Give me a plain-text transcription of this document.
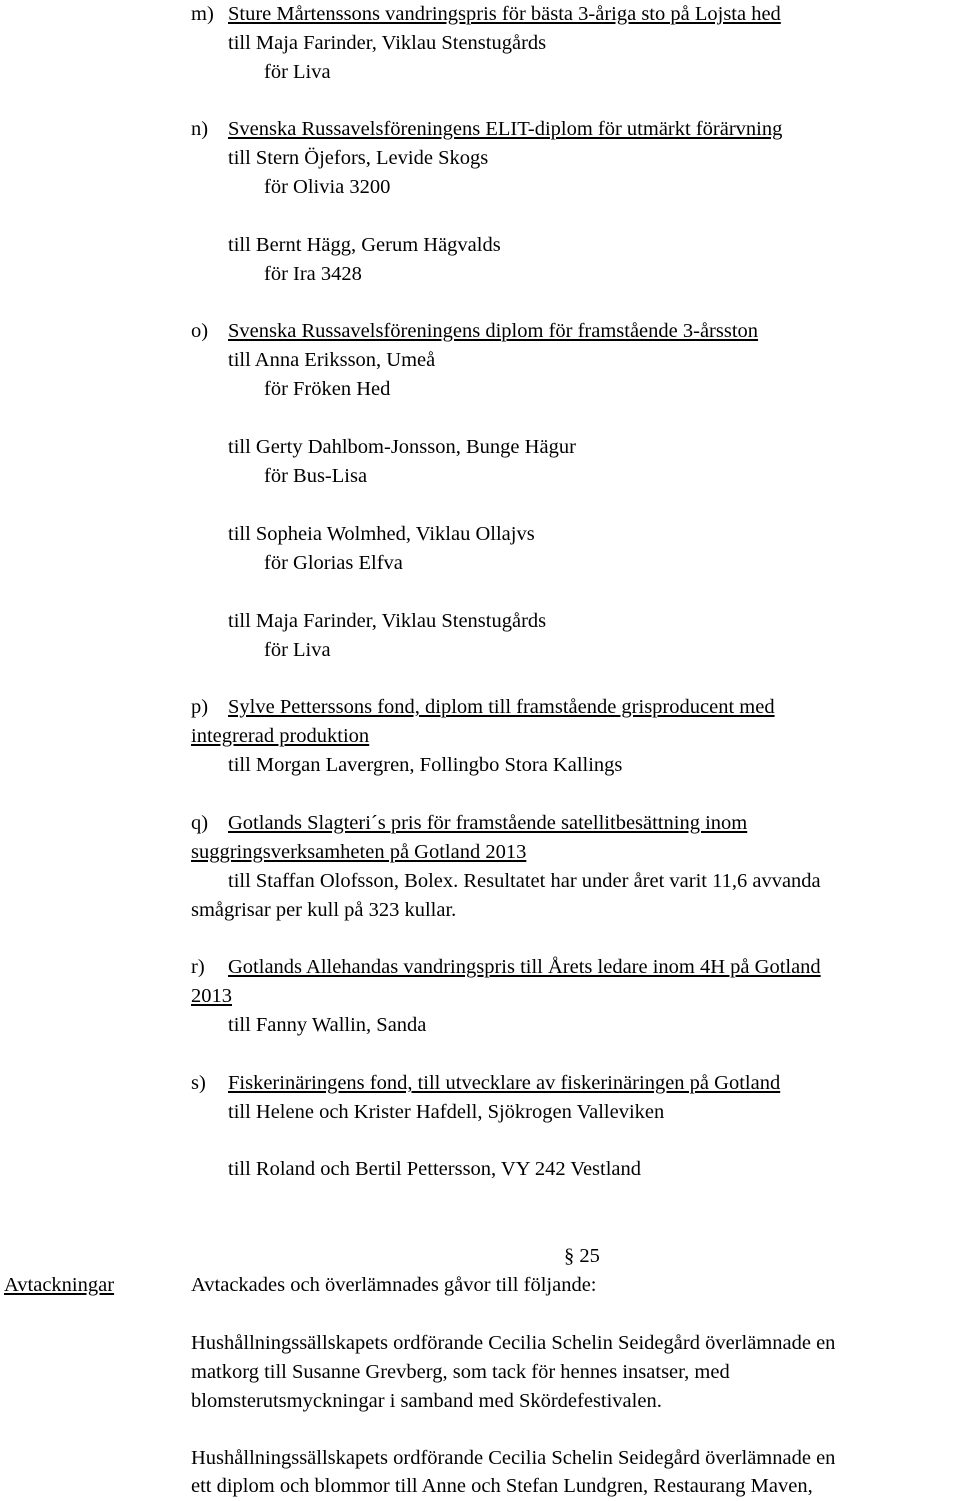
m) Sture Mårtenssons vandringspris för bästa 3-åriga sto på Lojsta hed
till Maja Farinder, Viklau Stenstugårds
för Liva
n) Svenska Russavelsföreningens ELIT-diplom för utmärkt förärvning
till Stern Öjefors, Levide Skogs
för Olivia 3200
till Bernt Hägg, Gerum Hägvalds
för Ira 3428
o) Svenska Russavelsföreningens diplom för framstående 3-årsston
till Anna Eriksson, Umeå
för Fröken Hed
till Gerty Dahlbom-Jonsson, Bunge Hägur
för Bus-Lisa
till Sopheia Wolmhed, Viklau Ollajvs
för Glorias Elfva
till Maja Farinder, Viklau Stenstugårds
för Liva
p) Sylve Petterssons fond, diplom till framstående grisproducent med
integrerad produktion
till Morgan Lavergren, Follingbo Stora Kallings
q) Gotlands Slagteri´s pris för framstående satellitbesättning inom
suggringsverksamheten på Gotland 2013
till Staffan Olofsson, Bolex. Resultatet har under året varit 11,6 avvanda
smågrisar per kull på 323 kullar.
r) Gotlands Allehandas vandringspris till Årets ledare inom 4H på Gotland
2013
till Fanny Wallin, Sanda
s) Fiskerinäringens fond, till utvecklare av fiskerinäringen på Gotland
till Helene och Krister Hafdell, Sjökrogen Valleviken
till Roland och Bertil Pettersson, VY 242 Vestland
§ 25
Avtackningar	Avtackades och överlämnades gåvor till följande:
Hushållningssällskapets ordförande Cecilia Schelin Seidegård överlämnade en
matkorg till Susanne Grevberg, som tack för hennes insatser, med
blomsterutsmyckningar i samband med Skördefestivalen.
Hushållningssällskapets ordförande Cecilia Schelin Seidegård överlämnade en
ett diplom och blommor till Anne och Stefan Lundgren, Restaurang Maven,
